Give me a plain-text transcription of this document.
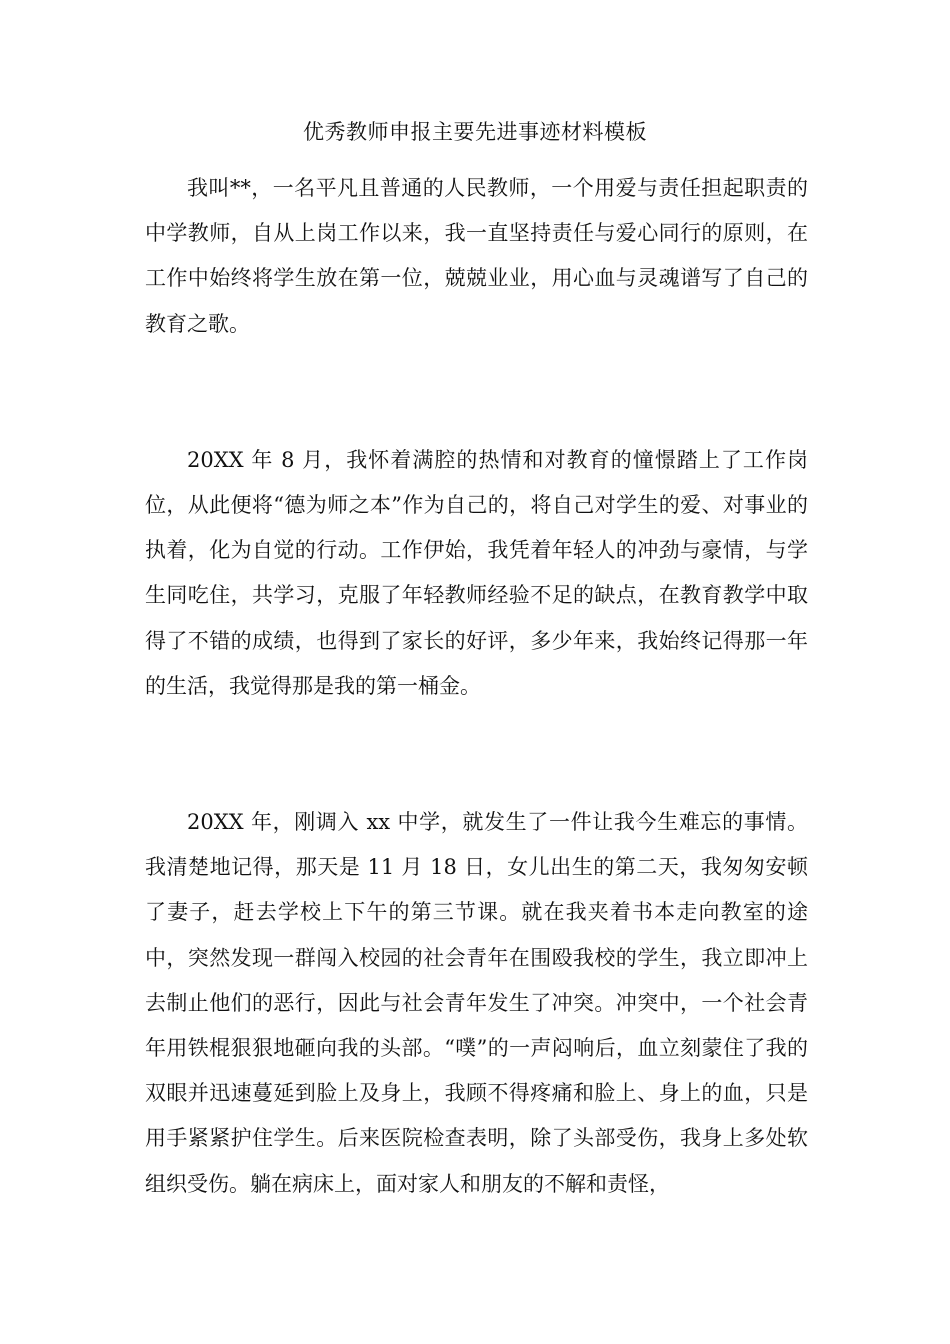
优秀教师申报主要先进事迹材料模板

我叫**，一名平凡且普通的人民教师，一个用爱与责任担起职责的中学教师，自从上岗工作以来，我一直坚持责任与爱心同行的原则，在工作中始终将学生放在第一位，兢兢业业，用心血与灵魂谱写了自己的教育之歌。

20XX 年 8 月，我怀着满腔的热情和对教育的憧憬踏上了工作岗位，从此便将“德为师之本”作为自己的，将自己对学生的爱、对事业的执着，化为自觉的行动。工作伊始，我凭着年轻人的冲劲与豪情，与学生同吃住，共学习，克服了年轻教师经验不足的缺点，在教育教学中取得了不错的成绩，也得到了家长的好评，多少年来，我始终记得那一年的生活，我觉得那是我的第一桶金。

20XX 年，刚调入 xx 中学，就发生了一件让我今生难忘的事情。我清楚地记得，那天是 11 月 18 日，女儿出生的第二天，我匆匆安顿了妻子，赶去学校上下午的第三节课。就在我夹着书本走向教室的途中，突然发现一群闯入校园的社会青年在围殴我校的学生，我立即冲上去制止他们的恶行，因此与社会青年发生了冲突。冲突中，一个社会青年用铁棍狠狠地砸向我的头部。“噗”的一声闷响后，血立刻蒙住了我的双眼并迅速蔓延到脸上及身上，我顾不得疼痛和脸上、身上的血，只是用手紧紧护住学生。后来医院检查表明，除了头部受伤，我身上多处软组织受伤。躺在病床上，面对家人和朋友的不解和责怪，
